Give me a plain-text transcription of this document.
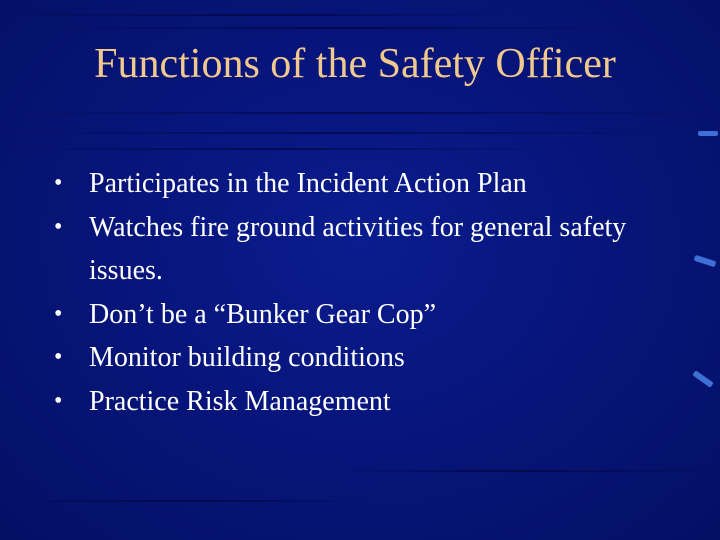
Functions of the Safety Officer
• Participates in the Incident Action Plan
• Watches fire ground activities for general safety issues.
• Don’t be a “Bunker Gear Cop”
• Monitor building conditions
• Practice Risk Management
